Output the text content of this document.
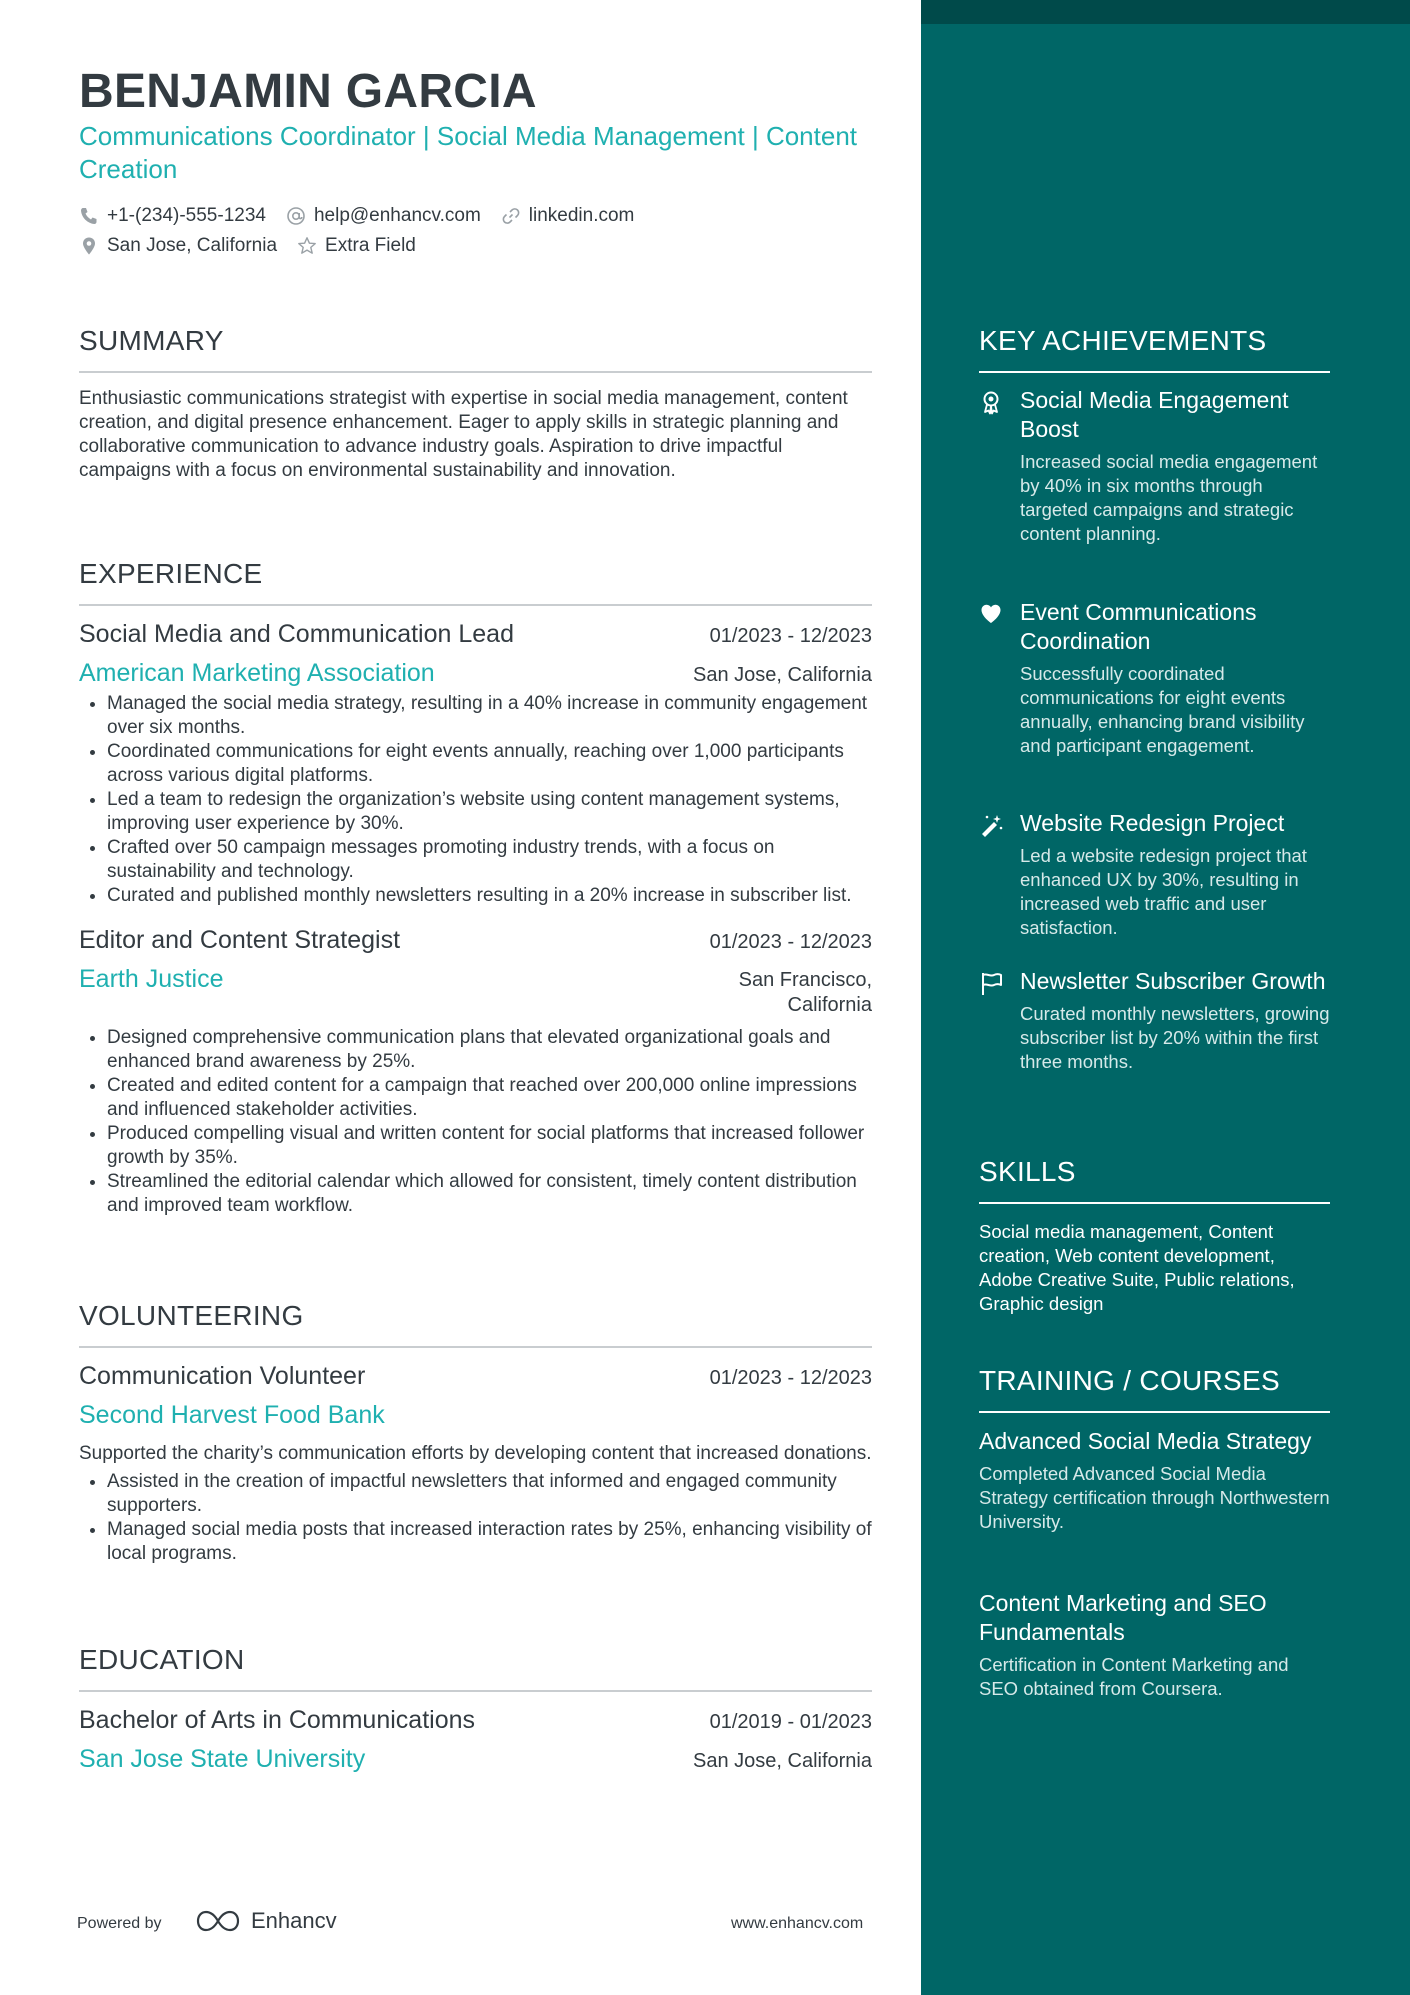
BENJAMIN GARCIA

Communications Coordinator | Social Media Management | Content Creation

+1-(234)-555-1234	help@enhancv.com	linkedin.com
San Jose, California	Extra Field
SUMMARY

Enthusiastic communications strategist with expertise in social media management, content creation, and digital presence enhancement. Eager to apply skills in strategic planning and collaborative communication to advance industry goals. Aspiration to drive impactful campaigns with a focus on environmental sustainability and innovation.

EXPERIENCE
Social Media and Communication Lead	01/2023 - 12/2023
American Marketing Association	San Jose, California
• Managed the social media strategy, resulting in a 40% increase in community engagement over six months.
• Coordinated communications for eight events annually, reaching over 1,000 participants across various digital platforms.
• Led a team to redesign the organization’s website using content management systems, improving user experience by 30%.
• Crafted over 50 campaign messages promoting industry trends, with a focus on sustainability and technology.
• Curated and published monthly newsletters resulting in a 20% increase in subscriber list.
Editor and Content Strategist	01/2023 - 12/2023
Earth Justice	San Francisco,
California
• Designed comprehensive communication plans that elevated organizational goals and enhanced brand awareness by 25%.
• Created and edited content for a campaign that reached over 200,000 online impressions and influenced stakeholder activities.
• Produced compelling visual and written content for social platforms that increased follower growth by 35%.
• Streamlined the editorial calendar which allowed for consistent, timely content distribution and improved team workflow.
VOLUNTEERING
Communication Volunteer	01/2023 - 12/2023
Second Harvest Food Bank

Supported the charity’s communication efforts by developing content that increased donations.

• Assisted in the creation of impactful newsletters that informed and engaged community supporters.
• Managed social media posts that increased interaction rates by 25%, enhancing visibility of local programs.
EDUCATION
Bachelor of Arts in Communications	01/2019 - 01/2023
San Jose State University	San Jose, California
Powered by	Enhancv	www.enhancv.com
KEY ACHIEVEMENTS
Social Media Engagement Boost
Increased social media engagement by 40% in six months through targeted campaigns and strategic content planning.
Event Communications Coordination
Successfully coordinated communications for eight events annually, enhancing brand visibility and participant engagement.
Website Redesign Project
Led a website redesign project that enhanced UX by 30%, resulting in increased web traffic and user satisfaction.
Newsletter Subscriber Growth
Curated monthly newsletters, growing subscriber list by 20% within the first three months.
SKILLS

Social media management, Content creation, Web content development, Adobe Creative Suite, Public relations, Graphic design

TRAINING / COURSES
Advanced Social Media Strategy
Completed Advanced Social Media Strategy certification through Northwestern University.
Content Marketing and SEO Fundamentals
Certification in Content Marketing and SEO obtained from Coursera.
